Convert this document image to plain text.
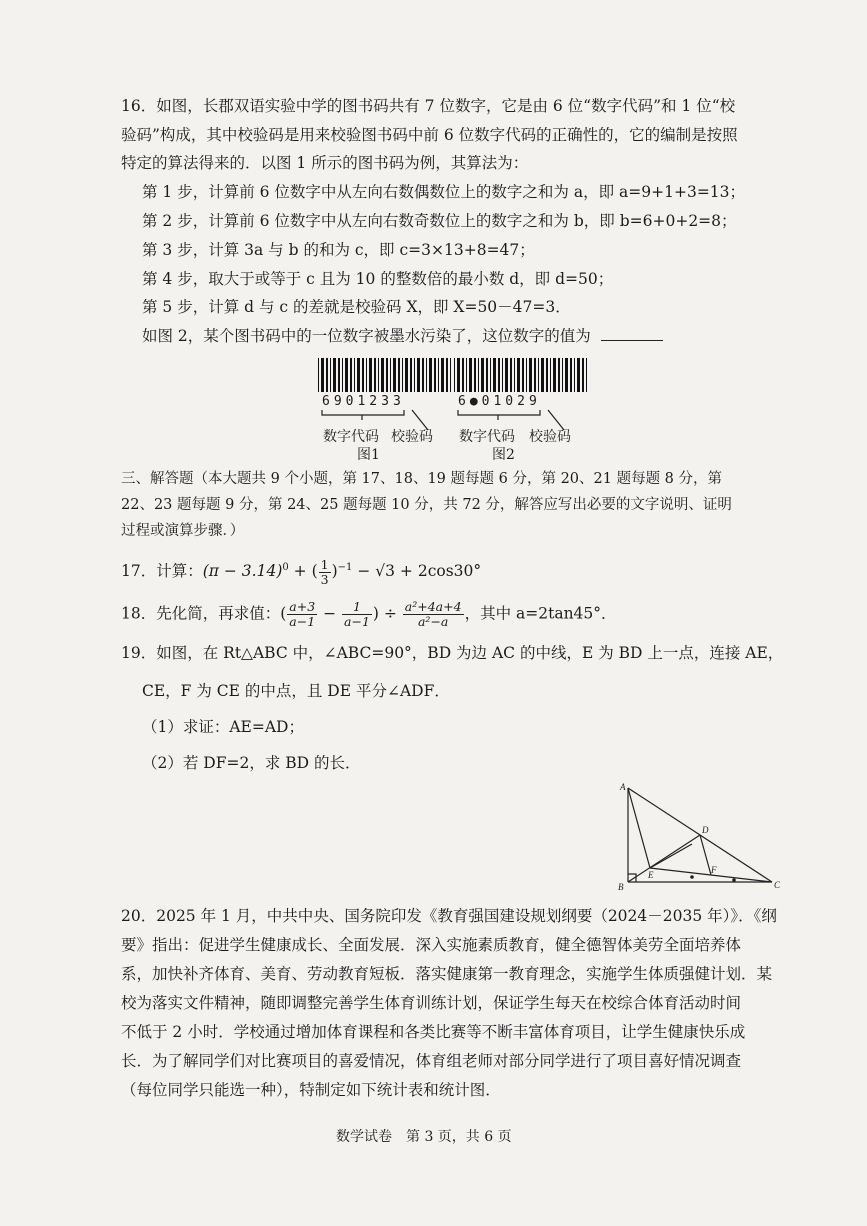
16．如图，长郡双语实验中学的图书码共有 7 位数字，它是由 6 位“数字代码”和 1 位“校
验码”构成，其中校验码是用来校验图书码中前 6 位数字代码的正确性的，它的编制是按照
特定的算法得来的．以图 1 所示的图书码为例，其算法为：
第 1 步，计算前 6 位数字中从左向右数偶数位上的数字之和为 a，即 a=9+1+3=13；
第 2 步，计算前 6 位数字中从左向右数奇数位上的数字之和为 b，即 b=6+0+2=8；
第 3 步，计算 3a 与 b 的和为 c，即 c=3×13+8=47；
第 4 步，取大于或等于 c 且为 10 的整数倍的最小数 d，即 d=50；
第 5 步，计算 d 与 c 的差就是校验码 X，即 X=50－47=3．
如图 2，某个图书码中的一位数字被墨水污染了，这位数字的值为
6901233	6●01029
数字代码 校验码
图1
数字代码 校验码
图2
三、解答题（本大题共 9 个小题，第 17、18、19 题每题 6 分，第 20、21 题每题 8 分，第
22、23 题每题 9 分，第 24、25 题每题 10 分，共 72 分，解答应写出必要的文字说明、证明
过程或演算步骤．）
17．计算：$(\pi - 3.14)^0$ + ( $\frac{1}{3} )^{-1} - √3 + 2\cos 30^\circ$
18．先化简，再求值：( $\frac{a+3}{a-1} - \frac{1}{a-1}$ ) ÷ $\frac{\text{a²+4a+4}}{\text{a²−a}}$ ，其中 a=2tan45°．
19．如图，在 Rt△ABC 中，∠ABC=90°，BD 为边 AC 的中线，E 为 BD 上一点，连接 AE，
CE，F 为 CE 的中点，且 DE 平分∠ADF．
（1）求证：AE=AD；
（2）若 DF=2，求 BD 的长．
A
B	C
D
E	F
20．2025 年 1 月，中共中央、国务院印发《教育强国建设规划纲要（2024－2035 年）》．《纲
要》指出：促进学生健康成长、全面发展．深入实施素质教育，健全德智体美劳全面培养体
系，加快补齐体育、美育、劳动教育短板．落实健康第一教育理念，实施学生体质强健计划．某
校为落实文件精神，随即调整完善学生体育训练计划，保证学生每天在校综合体育活动时间
不低于 2 小时．学校通过增加体育课程和各类比赛等不断丰富体育项目，让学生健康快乐成
长．为了解同学们对比赛项目的喜爱情况，体育组老师对部分同学进行了项目喜好情况调查
（每位同学只能选一种），特制定如下统计表和统计图．
数学试卷　第 3 页，共 6 页
